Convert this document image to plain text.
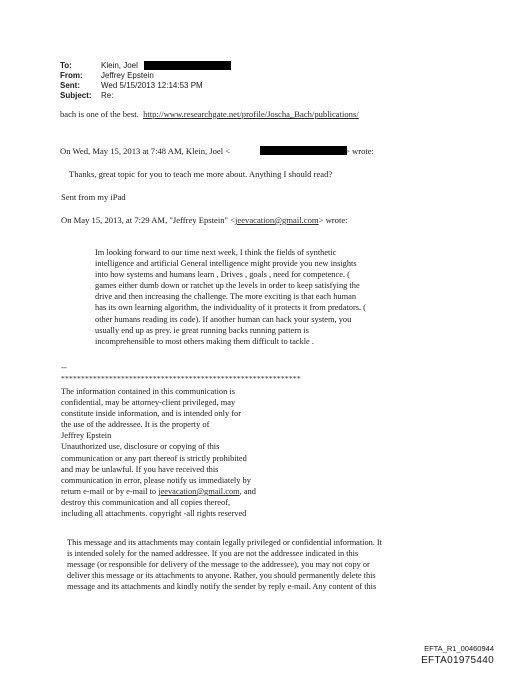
To:	Klein, Joel
From: Jeffrey Epstein
Sent:	Wed 5/15/2013 12:14:53 PM
Subject: Re:
bach is one of the best. http://www.researchgate.net/profile/Joscha_Bach/publications/
On Wed, May 15, 2013 at 7:48 AM, Klein, Joel <	> wrote:
Thanks, great topic for you to teach me more about. Anything I should read?
Sent from my iPad
On May 15, 2013, at 7:29 AM, "Jeffrey Epstein" <jeevacation@gmail.com> wrote:
Im looking forward to our time next week, I think the fields of synthetic
intelligence and artificial General intelligence might provide you new insights
into how systems and humans learn , Drives , goals , need for competence. (
games either dumb down or ratchet up the levels in order to keep satisfying the
drive and then increasing the challenge. The more exciting is that each human
has its own learning algorithm, the individuality of it protects it from predators. (
other humans reading its code). If another human can hack your system, you
usually end up as prey. ie great running backs running pattern is
incomprehensible to most others making them difficult to tackle .
--
************************************************************
The information contained in this communication is
confidential, may be attorney-client privileged, may
constitute inside information, and is intended only for
the use of the addressee. It is the property of
Jeffrey Epstein
Unauthorized use, disclosure or copying of this
communication or any part thereof is strictly prohibited
and may be unlawful. If you have received this
communication in error, please notify us immediately by
return e-mail or by e-mail to jeevacation@gmail.com, and
destroy this communication and all copies thereof,
including all attachments. copyright -all rights reserved
This message and its attachments may contain legally privileged or confidential information. It
is intended solely for the named addressee. If you are not the addressee indicated in this
message (or responsible for delivery of the message to the addressee), you may not copy or
deliver this message or its attachments to anyone. Rather, you should permanently delete this
message and its attachments and kindly notify the sender by reply e-mail. Any content of this
EFTA_R1_00460944
EFTA01975440
